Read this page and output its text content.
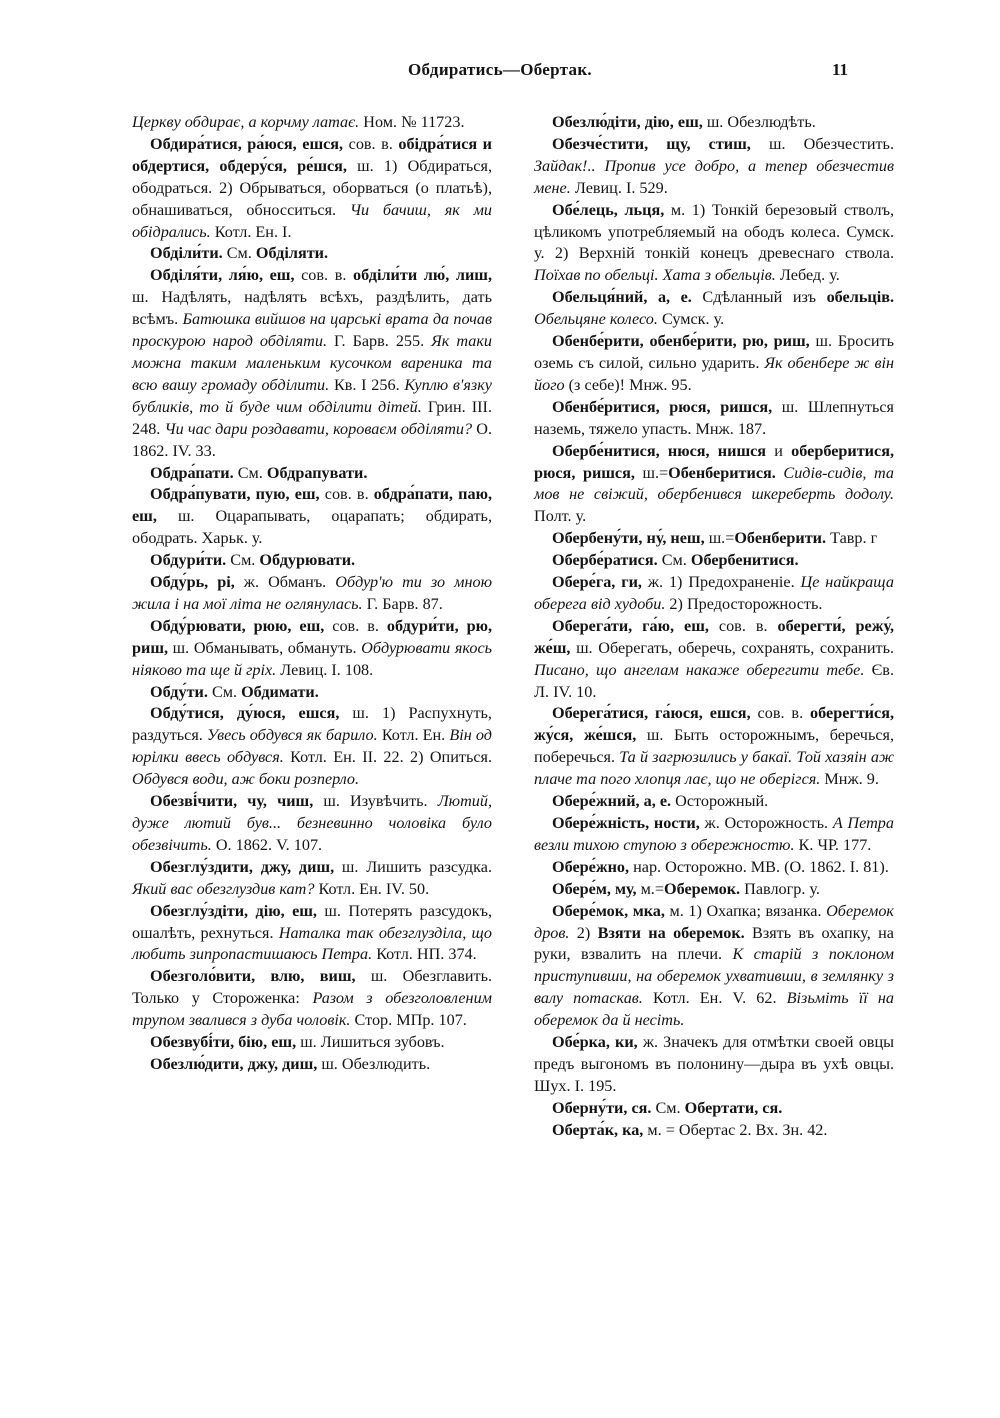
Обдиратись—Обертак.	11

Церкву обдирає, а корчму латає. Ном. № 11723.

Обдира́тися, ра́юся, ешся, сов. в. обідра́тися и обдертися, обдеру́ся, ре́шся, ш. 1) Обдираться, ободраться. 2) Обрываться, оборваться (о платьѣ), обнашиваться, обносситься. Чи бачиш, як ми обідрались. Котл. Ен. І.

Обділи́ти. См. Обділяти.

Обділя́ти, ля́ю, еш, сов. в. обділи́ти лю́, лиш, ш. Надѣлять, надѣлять всѣхъ, раздѣлить, дать всѣмъ. Батюшка вийшов на царські врата да почав проскурою народ обділяти. Г. Барв. 255. Як таки можна таким маленьким кусочком вареника та всю вашу громаду обділити. Кв. I 256. Куплю в'язку бубликів, то й буде чим обділити дітей. Грин. III. 248. Чи час дари роздавати, короваєм обділяти? О. 1862. IV. 33.

Обдра́пати. См. Обдрапувати.

Обдра́пувати, пую, еш, сов. в. обдра́пати, паю, еш, ш. Оцарапывать, оцарапать; обдирать, ободрать. Харьк. у.

Обдури́ти. См. Обдурювати.

Обду́рь, рі, ж. Обманъ. Обдур'ю ти зо мною жила і на мої літа не оглянулась. Г. Барв. 87.

Обду́рювати, рюю, еш, сов. в. обдури́ти, рю, риш, ш. Обманывать, обмануть. Обдурювати якось ніяково та ще й гріх. Левиц. І. 108.

Обду́ти. См. Обдимати.

Обду́тися, ду́юся, ешся, ш. 1) Распухнуть, раздуться. Увесь обдувся як барило. Котл. Ен. Він од юрілки ввесь обдувся. Котл. Ен. II. 22. 2) Опиться. Обдувся води, аж боки розперло.

Обезві́чити, чу, чиш, ш. Изувѣчить. Лютий, дуже лютий був... безневинно чоловіка було обезвічить. О. 1862. V. 107.

Обезглу́здити, джу, диш, ш. Лишить разсудка. Який вас обезглуздив кат? Котл. Ен. IV. 50.

Обезглу́здіти, дію, еш, ш. Потерять разсудокъ, ошалѣть, рехнуться. Наталка так обезглузділа, що любить зипропастишаюсь Петра. Котл. НП. 374.

Обезголо́вити, влю, виш, ш. Обезглавить. Только у Стороженка: Разом з обезголовленим трупом звалився з дуба чоловік. Стор. МПр. 107.

Обезвубі́ти, бію, еш, ш. Лишиться зубовъ.

Обезлю́дити, джу, диш, ш. Обезлюдить.

Обезлю́діти, дію, еш, ш. Обезлюдѣть.

Обезче́стити, щу, стиш, ш. Обезчестить. Зайдак!.. Пропив усе добро, а тепер обезчестив мене. Левиц. І. 529.

Обе́лець, льця, м. 1) Тонкій березовый стволъ, цѣликомъ употребляемый на ободъ колеса. Сумск. у. 2) Верхній тонкій конецъ древеснаго ствола. Поїхав по обельці. Хата з обельців. Лебед. у.

Обельця́ний, а, е. Сдѣланный изъ обельців. Обельцяне колесо. Сумск. у.

Обенбе́рити, обенбе́рити, рю, риш, ш. Бросить оземь съ силой, сильно ударить. Як обенбере ж він його (з себе)! Мнж. 95.

Обенбе́ритися, рюся, ришся, ш. Шлепнуться наземь, тяжело упасть. Мнж. 187.

Обербе́нитися, нюся, нишся и оберберитися, рюся, ришся, ш.=Обенберитися. Сидів-сидів, та мов не свіжий, обербенився шкереберть додолу. Полт. у.

Обербену́ти, ну́, неш, ш.=Обенберити. Тавр. г

Обербе́ратися. См. Обербенитися.

Обере́га, ги, ж. 1) Предохраненіе. Це найкраща оберега від худоби. 2) Предосторожность.

Оберега́ти, га́ю, еш, сов. в. оберегти́, режу́, же́ш, ш. Оберегать, оберечь, сохранять, сохранить. Писано, що ангелам накаже оберегити тебе. Єв. Л. IV. 10.

Оберега́тися, га́юся, ешся, сов. в. оберегти́ся, жу́ся, же́шся, ш. Быть осторожнымъ, беречься, поберечься. Та й загрюзились у бакаї. Той хазяін аж плаче та пого хлопця лає, що не оберігся. Мнж. 9.

Обере́жний, а, е. Осторожный.

Обере́жність, ности, ж. Осторожность. А Петра везли тихою ступою з обережностю. К. ЧР. 177.

Обере́жно, нар. Осторожно. МВ. (О. 1862. І. 81).

Обере́м, му, м.=Оберемок. Павлогр. у.

Обере́мок, мка, м. 1) Охапка; вязанка. Оберемок дров. 2) Взяти на оберемок. Взять въ охапку, на руки, взвалить на плечи. К старій з поклоном приступивши, на оберемок ухвативши, в землянку з валу потаскав. Котл. Ен. V. 62. Візьміть її на оберемок да й несіть.

Обе́рка, ки, ж. Значекъ для отмѣтки своей овцы предъ выгономъ въ полонину—дыра въ ухѣ овцы. Шух. І. 195.

Оберну́ти, ся. См. Обертати, ся.

Оберта́к, ка, м. = Обертас 2. Вх. Зн. 42.
